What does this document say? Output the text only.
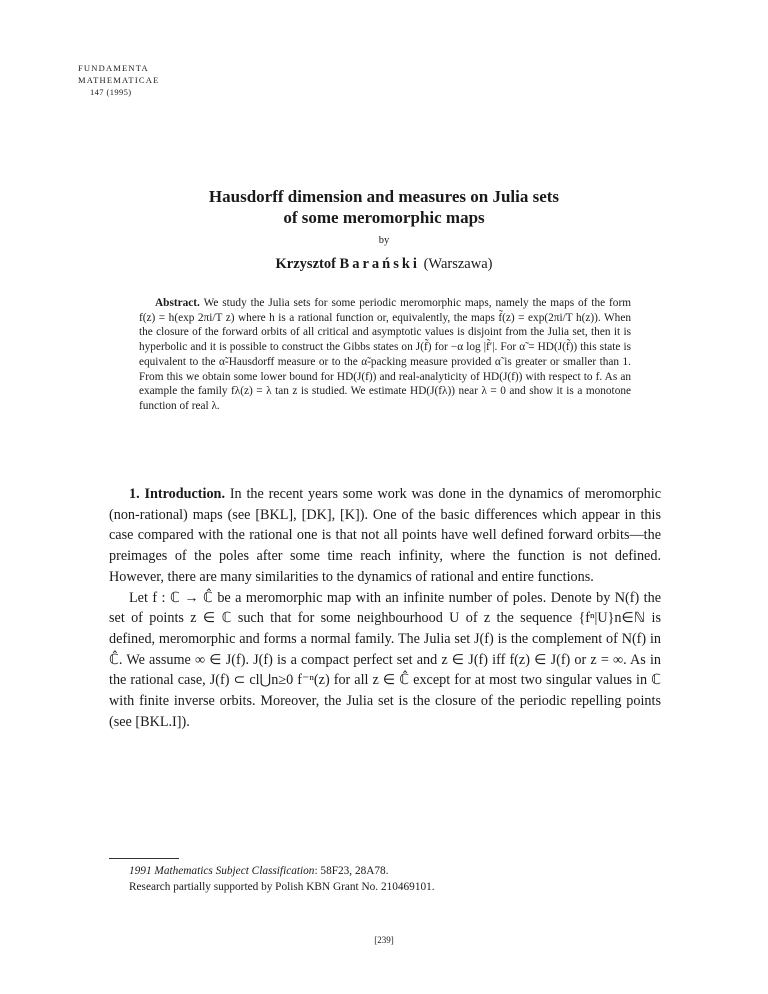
FUNDAMENTA
MATHEMATICAE

147 (1995)
Hausdorff dimension and measures on Julia sets
of some meromorphic maps
by
Krzysztof Barański (Warszawa)
Abstract. We study the Julia sets for some periodic meromorphic maps, namely the maps of the form f(z) = h(exp 2πi/T z) where h is a rational function or, equivalently, the maps f̃(z) = exp(2πi/T h(z)). When the closure of the forward orbits of all critical and asymptotic values is disjoint from the Julia set, then it is hyperbolic and it is possible to construct the Gibbs states on J(f̃) for −α log |f̃′|. For α̃ = HD(J(f̃)) this state is equivalent to the α̃-Hausdorff measure or to the α̃-packing measure provided α̃ is greater or smaller than 1. From this we obtain some lower bound for HD(J(f)) and real-analyticity of HD(J(f)) with respect to f. As an example the family fλ(z) = λ tan z is studied. We estimate HD(J(fλ)) near λ = 0 and show it is a monotone function of real λ.

1. Introduction. In the recent years some work was done in the dynamics of meromorphic (non-rational) maps (see [BKL], [DK], [K]). One of the basic differences which appear in this case compared with the rational one is that not all points have well defined forward orbits—the preimages of the poles after some time reach infinity, where the function is not defined. However, there are many similarities to the dynamics of rational and entire functions.

Let f : ℂ → ℂ̂ be a meromorphic map with an infinite number of poles. Denote by N(f) the set of points z ∈ ℂ such that for some neighbourhood U of z the sequence {fⁿ|U}n∈ℕ is defined, meromorphic and forms a normal family. The Julia set J(f) is the complement of N(f) in ℂ̂. We assume ∞ ∈ J(f). J(f) is a compact perfect set and z ∈ J(f) iff f(z) ∈ J(f) or z = ∞. As in the rational case, J(f) ⊂ cl⋃n≥0 f⁻ⁿ(z) for all z ∈ ℂ̂ except for at most two singular values in ℂ with finite inverse orbits. Moreover, the Julia set is the closure of the periodic repelling points (see [BKL.I]).

1991 Mathematics Subject Classification: 58F23, 28A78.
Research partially supported by Polish KBN Grant No. 210469101.
[239]
